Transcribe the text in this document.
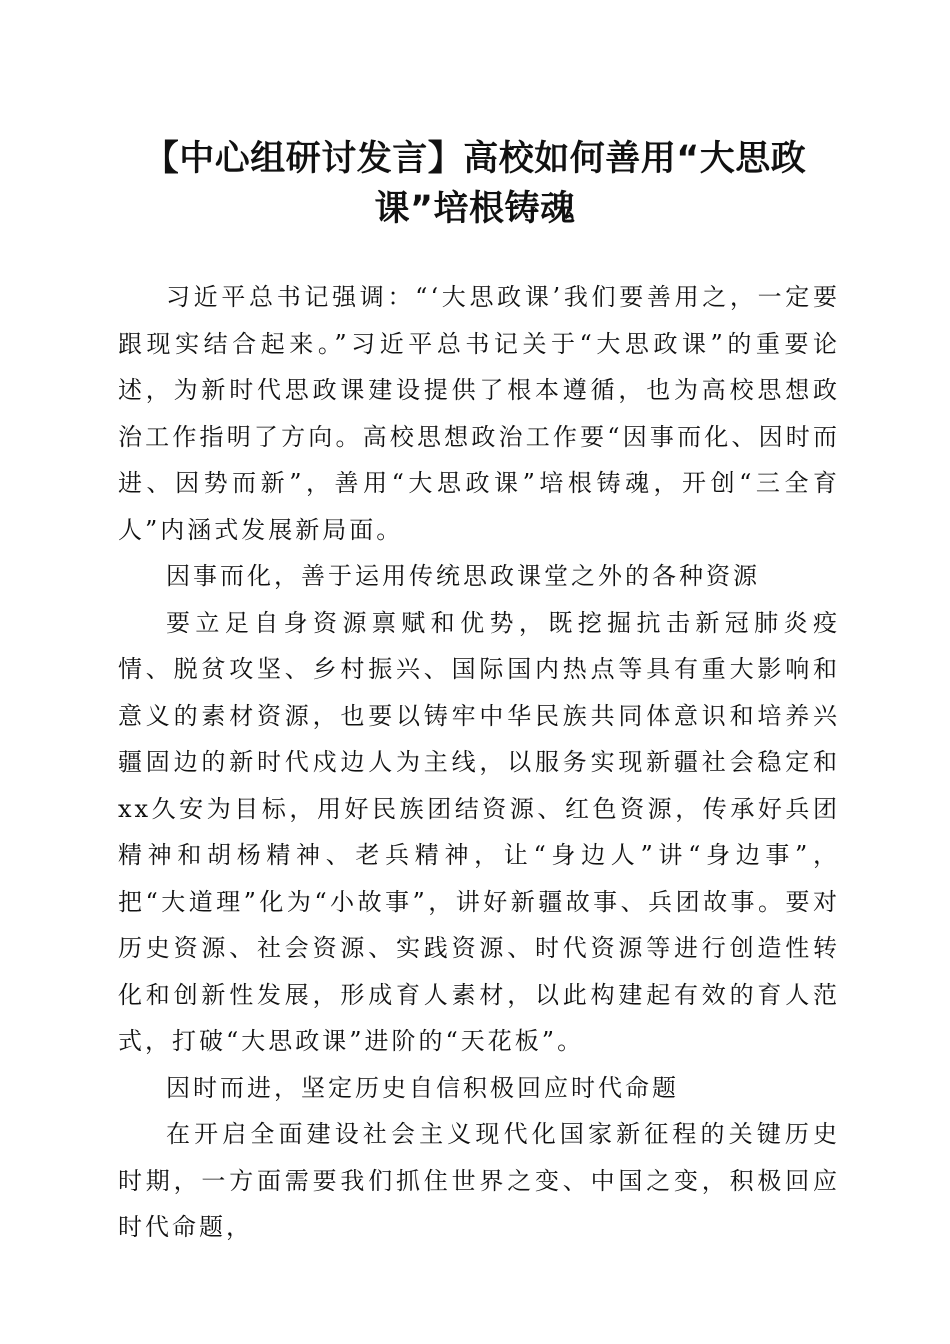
【中心组研讨发言】高校如何善用“大思政课”培根铸魂

习近平总书记强调：“‘大思政课’我们要善用之，一定要跟现实结合起来。”习近平总书记关于“大思政课”的重要论述，为新时代思政课建设提供了根本遵循，也为高校思想政治工作指明了方向。高校思想政治工作要“因事而化、因时而进、因势而新”，善用“大思政课”培根铸魂，开创“三全育人”内涵式发展新局面。

因事而化，善于运用传统思政课堂之外的各种资源

要立足自身资源禀赋和优势，既挖掘抗击新冠肺炎疫情、脱贫攻坚、乡村振兴、国际国内热点等具有重大影响和意义的素材资源，也要以铸牢中华民族共同体意识和培养兴疆固边的新时代戍边人为主线，以服务实现新疆社会稳定和xx久安为目标，用好民族团结资源、红色资源，传承好兵团精神和胡杨精神、老兵精神，让“身边人”讲“身边事”，把“大道理”化为“小故事”，讲好新疆故事、兵团故事。要对历史资源、社会资源、实践资源、时代资源等进行创造性转化和创新性发展，形成育人素材，以此构建起有效的育人范式，打破“大思政课”进阶的“天花板”。

因时而进，坚定历史自信积极回应时代命题

在开启全面建设社会主义现代化国家新征程的关键历史时期，一方面需要我们抓住世界之变、中国之变，积极回应时代命题，
